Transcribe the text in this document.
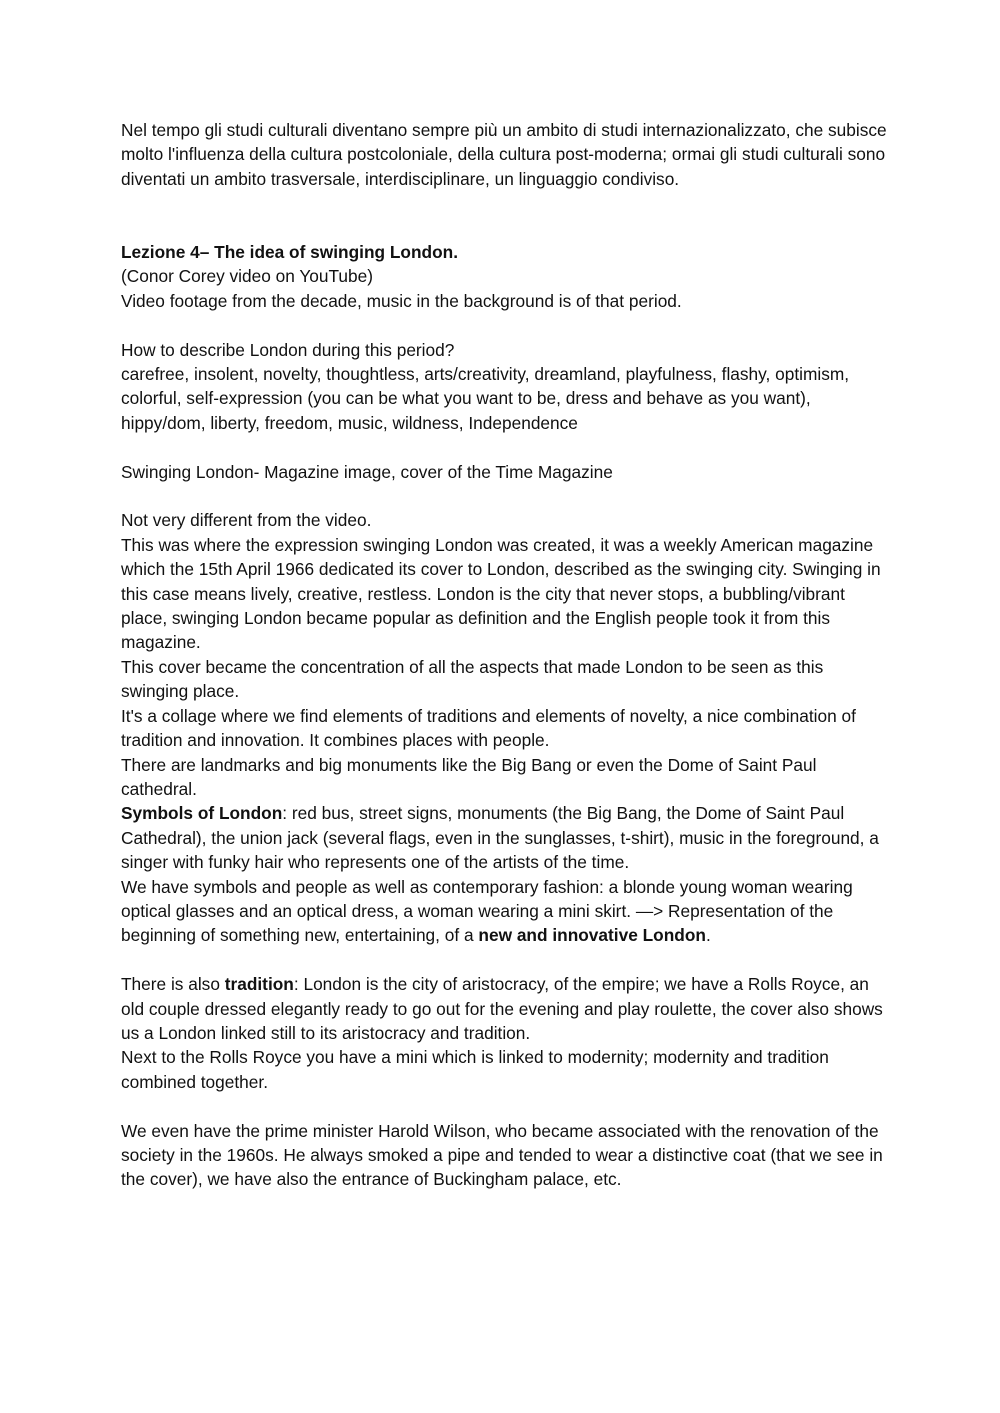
Nel tempo gli studi culturali diventano sempre più un ambito di studi internazionalizzato, che subisce molto l'influenza della cultura postcoloniale, della cultura post-moderna; ormai gli studi culturali sono diventati un ambito trasversale, interdisciplinare, un linguaggio condiviso.

Lezione 4– The idea of swinging London.

(Conor Corey video on YouTube)

Video footage from the decade, music in the background is of that period.

How to describe London during this period?

carefree, insolent, novelty, thoughtless, arts/creativity, dreamland, playfulness, flashy, optimism, colorful, self-expression (you can be what you want to be, dress and behave as you want), hippy/dom, liberty, freedom, music, wildness, Independence

Swinging London- Magazine image, cover of the Time Magazine

Not very different from the video.

This was where the expression swinging London was created, it was a weekly American magazine which the 15th April 1966 dedicated its cover to London, described as the swinging city. Swinging in this case means lively, creative, restless. London is the city that never stops, a bubbling/vibrant place, swinging London became popular as definition and the English people took it from this magazine.

This cover became the concentration of all the aspects that made London to be seen as this swinging place.

It's a collage where we find elements of traditions and elements of novelty, a nice combination of tradition and innovation. It combines places with people.

There are landmarks and big monuments like the Big Bang or even the Dome of Saint Paul cathedral.

Symbols of London: red bus, street signs, monuments (the Big Bang, the Dome of Saint Paul Cathedral), the union jack (several flags, even in the sunglasses, t-shirt), music in the foreground, a singer with funky hair who represents one of the artists of the time.

We have symbols and people as well as contemporary fashion: a blonde young woman wearing optical glasses and an optical dress, a woman wearing a mini skirt. —> Representation of the beginning of something new, entertaining, of a new and innovative London.

There is also tradition: London is the city of aristocracy, of the empire; we have a Rolls Royce, an old couple dressed elegantly ready to go out for the evening and play roulette, the cover also shows us a London linked still to its aristocracy and tradition.

Next to the Rolls Royce you have a mini which is linked to modernity; modernity and tradition combined together.

We even have the prime minister Harold Wilson, who became associated with the renovation of the society in the 1960s. He always smoked a pipe and tended to wear a distinctive coat (that we see in the cover), we have also the entrance of Buckingham palace, etc.
